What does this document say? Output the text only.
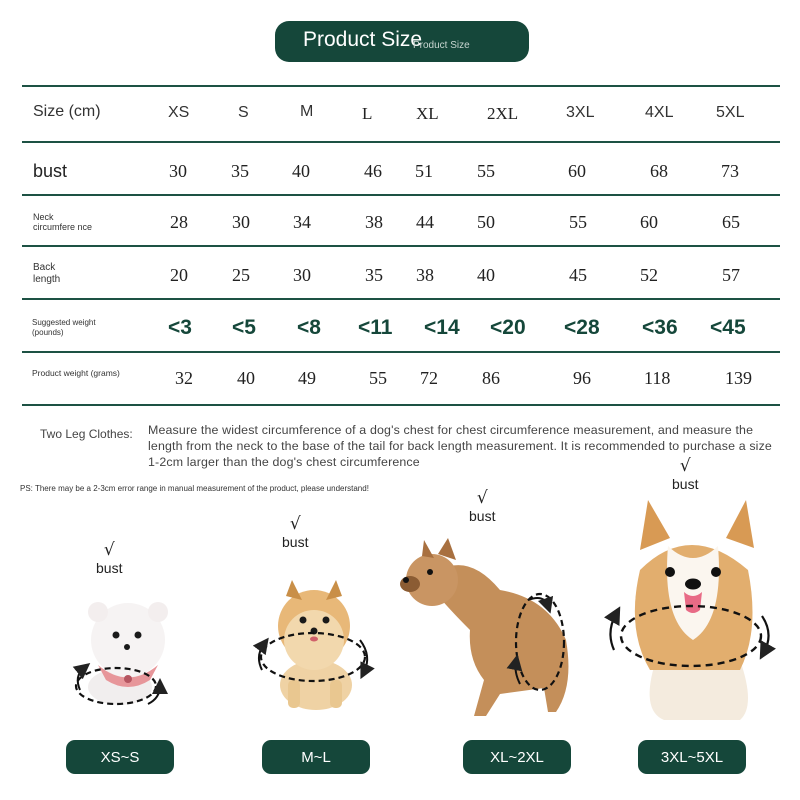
Product Size
Product Size
Size (cm)	XS	S	M	L	XL	2XL	3XL	4XL	5XL
bust	30 35 40	46 51 55	60	68	73
Neck circumfere nce	28 30 34	38 44 50	55	60	65
Back length	20 25 30	35 38 40	45	52	57
Suggested weight (pounds)	<3 <5 <8 <11 <14 <20 <28 <36 <45
Product weight (grams)	32 40 49	55 72 86	96	118	139
Two Leg Clothes: Measure the widest circumference of a dog's chest for chest circumference measurement, and measure the length from the neck to the base of the tail for back length measurement. It is recommended to purchase a size 1-2cm larger than the dog's chest circumference
PS: There may be a 2-3cm error range in manual measurement of the product, please understand!
√
bust
√
bust
√
bust
√
bust
XS~S	M~L	XL~2XL	3XL~5XL
